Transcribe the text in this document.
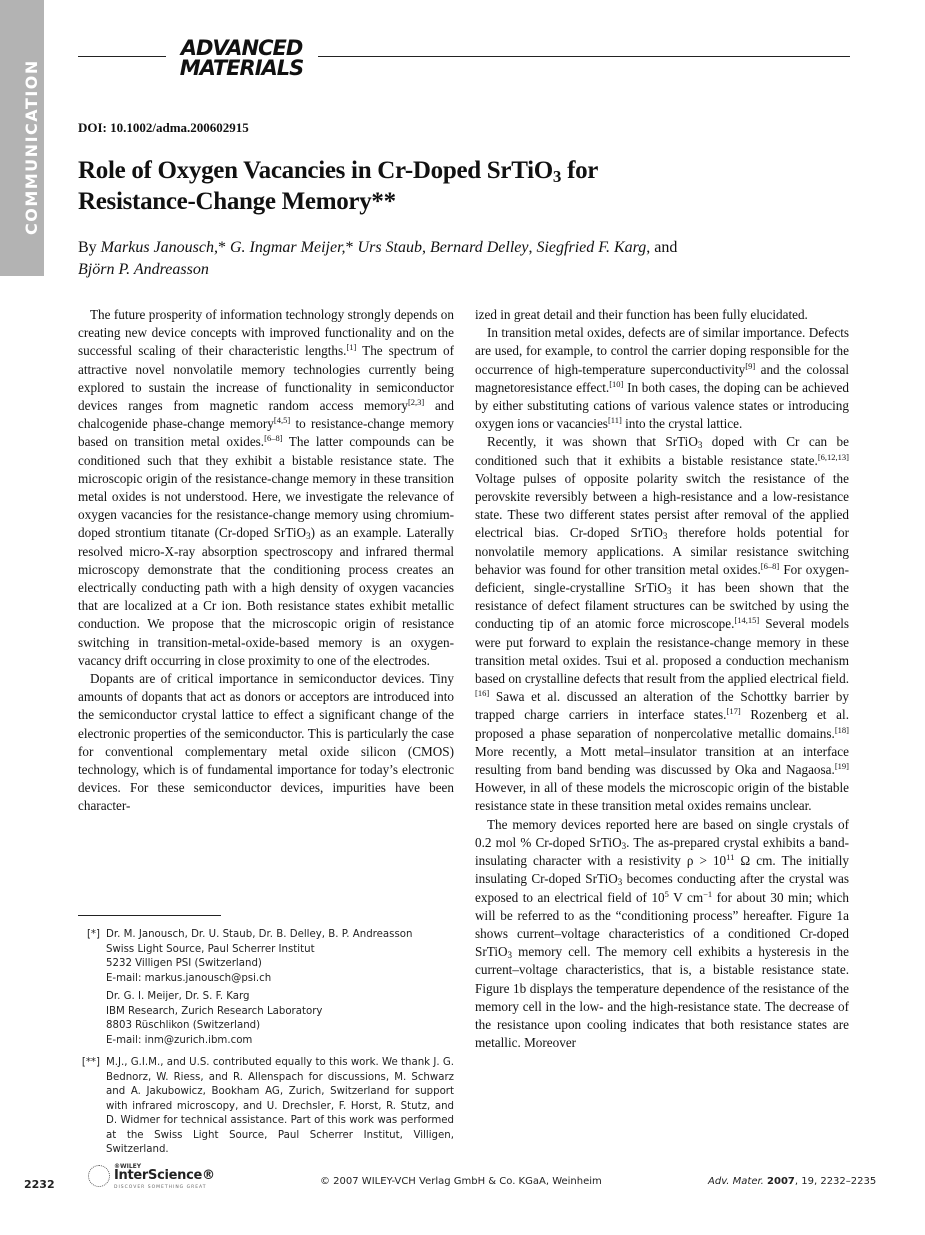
COMMUNICATION
ADVANCED
MATERIALS
DOI: 10.1002/adma.200602915
Role of Oxygen Vacancies in Cr-Doped SrTiO$_3$ for
Resistance-Change Memory**
By Markus Janousch,* G. Ingmar Meijer,* Urs Staub, Bernard Delley, Siegfried F. Karg, and
Björn P. Andreasson

The future prosperity of information technology strongly depends on creating new device concepts with improved functionality and on the successful scaling of their characteristic lengths.[1] The spectrum of attractive novel nonvolatile memory technologies currently being explored to sustain the increase of functionality in semiconductor devices ranges from magnetic random access memory[2,3] and chalcogenide phase-change memory[4,5] to resistance-change memory based on transition metal oxides.[6–8] The latter compounds can be conditioned such that they exhibit a bistable resistance state. The microscopic origin of the resistance-change memory in these transition metal oxides is not understood. Here, we investigate the relevance of oxygen vacancies for the resistance-change memory using chromium-doped strontium titanate (Cr-doped SrTiO$_3$) as an example. Laterally resolved micro-X-ray absorption spectroscopy and infrared thermal microscopy demonstrate that the conditioning process creates an electrically conducting path with a high density of oxygen vacancies that are localized at a Cr ion. Both resistance states exhibit metallic conduction. We propose that the microscopic origin of resistance switching in transition-metal-oxide-based memory is an oxygen-vacancy drift occurring in close proximity to one of the electrodes.

Dopants are of critical importance in semiconductor devices. Tiny amounts of dopants that act as donors or acceptors are introduced into the semiconductor crystal lattice to effect a significant change of the electronic properties of the semiconductor. This is particularly the case for conventional complementary metal oxide silicon (CMOS) technology, which is of fundamental importance for today’s electronic devices. For these semiconductor devices, impurities have been character-

ized in great detail and their function has been fully elucidated.

In transition metal oxides, defects are of similar importance. Defects are used, for example, to control the carrier doping responsible for the occurrence of high-temperature superconductivity[9] and the colossal magnetoresistance effect.[10] In both cases, the doping can be achieved by either substituting cations of various valence states or introducing oxygen ions or vacancies[11] into the crystal lattice.

Recently, it was shown that SrTiO$_3$ doped with Cr can be conditioned such that it exhibits a bistable resistance state.[6,12,13] Voltage pulses of opposite polarity switch the resistance of the perovskite reversibly between a high-resistance and a low-resistance state. These two different states persist after removal of the applied electrical bias. Cr-doped SrTiO$_3$ therefore holds potential for nonvolatile memory applications. A similar resistance switching behavior was found for other transition metal oxides.[6–8] For oxygen-deficient, single-crystalline SrTiO$_3$ it has been shown that the resistance of defect filament structures can be switched by using the conducting tip of an atomic force microscope.[14,15] Several models were put forward to explain the resistance-change memory in these transition metal oxides. Tsui et al. proposed a conduction mechanism based on crystalline defects that result from the applied electrical field.[16] Sawa et al. discussed an alteration of the Schottky barrier by trapped charge carriers in interface states.[17] Rozenberg et al. proposed a phase separation of nonpercolative metallic domains.[18] More recently, a Mott metal–insulator transition at an interface resulting from band bending was discussed by Oka and Nagaosa.[19] However, in all of these models the microscopic origin of the bistable resistance state in these transition metal oxides remains unclear.

The memory devices reported here are based on single crystals of 0.2 mol % Cr-doped SrTiO$_3$. The as-prepared crystal exhibits a band-insulating character with a resistivity $\rho > 10^{11}$ Ω cm. The initially insulating Cr-doped SrTiO$_3$ becomes conducting after the crystal was exposed to an electrical field of $10^5$ V $cm^{-1}$ for about 30 min; which will be referred to as the “conditioning process” hereafter. Figure 1a shows current–voltage characteristics of a conditioned Cr-doped SrTiO$_3$ memory cell. The memory cell exhibits a hysteresis in the current–voltage characteristics, that is, a bistable resistance state. Figure 1b displays the temperature dependence of the resistance of the memory cell in the low- and the high-resistance state. The decrease of the resistance upon cooling indicates that both resistance states are metallic. Moreover

[*] Dr. M. Janousch, Dr. U. Staub, Dr. B. Delley, B. P. Andreasson
Swiss Light Source, Paul Scherrer Institut
5232 Villigen PSI (Switzerland)
E-mail: markus.janousch@psi.ch
Dr. G. I. Meijer, Dr. S. F. Karg
IBM Research, Zurich Research Laboratory
8803 Rüschlikon (Switzerland)
E-mail: inm@zurich.ibm.com
[**] M.J., G.I.M., and U.S. contributed equally to this work. We thank J. G. Bednorz, W. Riess, and R. Allenspach for discussions, M. Schwarz and A. Jakubowicz, Bookham AG, Zurich, Switzerland for support with infrared microscopy, and U. Drechsler, F. Horst, R. Stutz, and D. Widmer for technical assistance. Part of this work was performed at the Swiss Light Source, Paul Scherrer Institut, Villigen, Switzerland.
2232
®WILEY
InterScience®
DISCOVER SOMETHING GREAT
© 2007 WILEY-VCH Verlag GmbH & Co. KGaA, Weinheim	Adv. Mater. 2007, 19, 2232–2235
